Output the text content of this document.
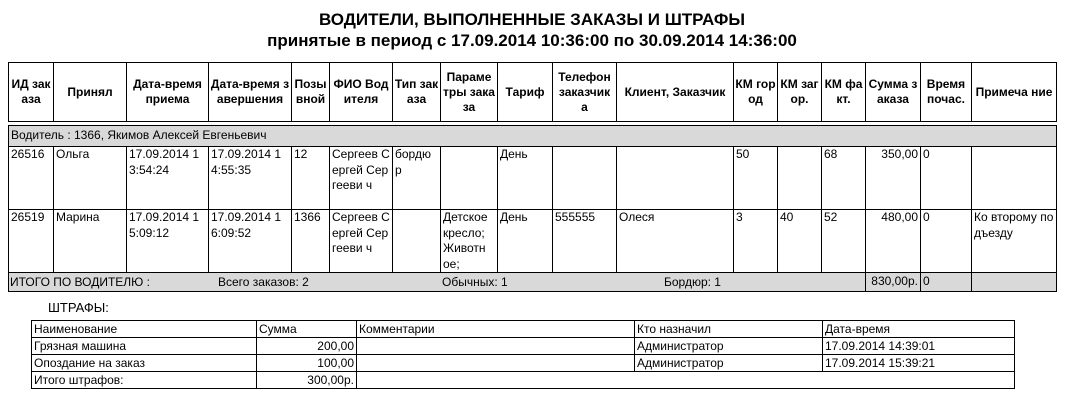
ВОДИТЕЛИ, ВЫПОЛНЕННЫЕ ЗАКАЗЫ И ШТРАФЫ
принятые в период с 17.09.2014 10:36:00 по 30.09.2014 14:36:00
ИД заказа	Принял	Дата-время приема	Дата-время завершения	Позы вной	ФИО Водителя	Тип заказа	Параме тры заказа	Тариф	Телефон заказчик а	Клиент, Заказчик	КМ город	КМ загор.	КМ факт.	Сумма заказа	Время почас.	Примеча ние

Водитель : 1366, Якимов Алексей Евгеньевич																
26516	Ольга	17.09.2014 13:54:24	17.09.2014 14:55:35	12	Сергеев Сергей Сергееви ч	бордю р		День			50		68	350,00	0	
26519	Марина	17.09.2014 15:09:12	17.09.2014 16:09:52	1366	Сергеев Сергей Сергееви ч		Детское кресло; Животн ое;	День	555555	Олеся	3	40	52	480,00	0	Ко второму подъезду

ИТОГО ПО ВОДИТЕЛЮ : Всего заказов: 2 Обычных: 1 Бордюр: 1														830,00р.	0	
ШТРАФЫ:
Наименование	Сумма	Комментарии	Кто назначил	Дата-время
Грязная машина	200,00		Администратор	17.09.2014 14:39:01
Опоздание на заказ	100,00		Администратор	17.09.2014 15:39:21
Итого штрафов:	300,00р.			
